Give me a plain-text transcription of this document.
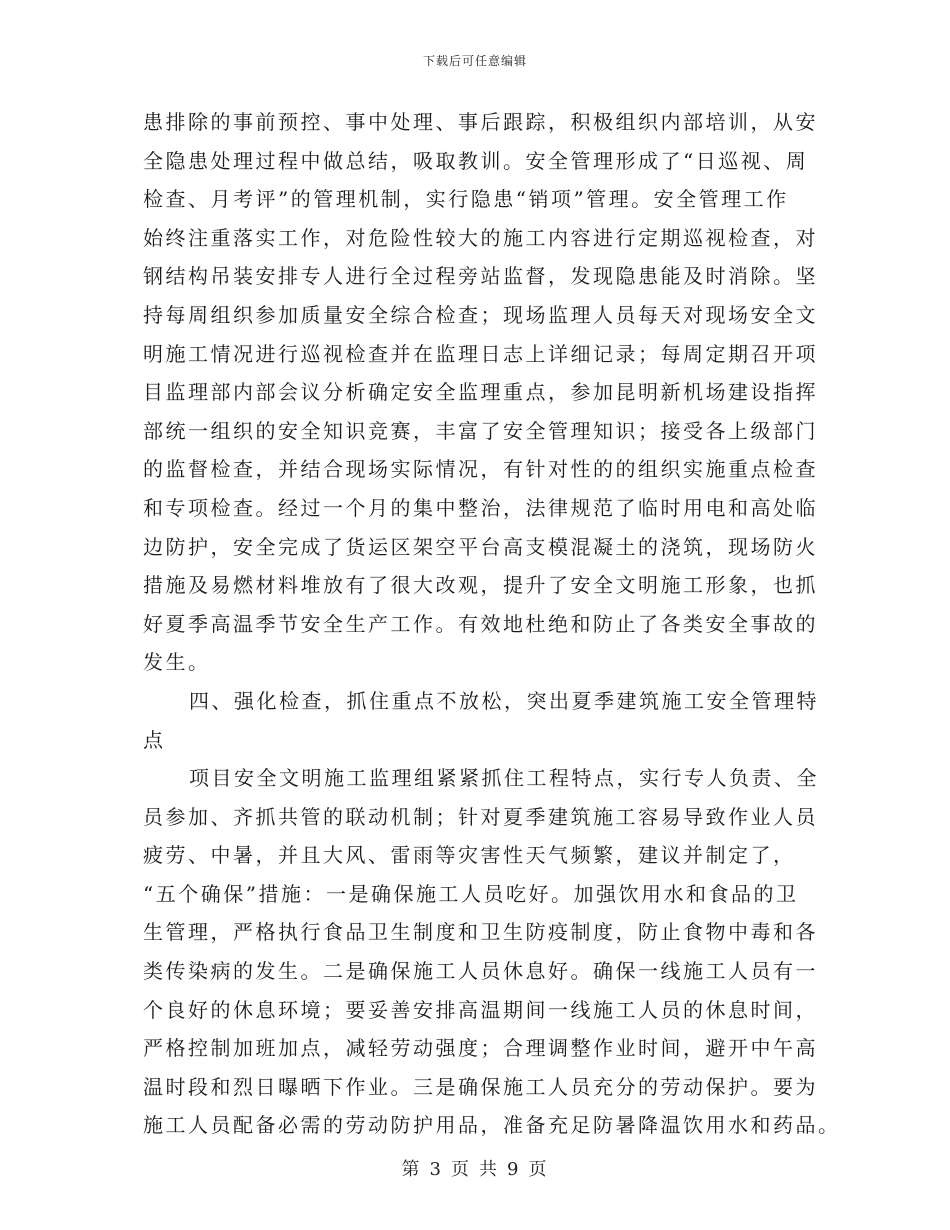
下载后可任意编辑
患排除的事前预控、事中处理、事后跟踪，积极组织内部培训，从安
全隐患处理过程中做总结，吸取教训。安全管理形成了“日巡视、周
检查、月考评”的管理机制，实行隐患“销项”管理。安全管理工作
始终注重落实工作，对危险性较大的施工内容进行定期巡视检查，对
钢结构吊装安排专人进行全过程旁站监督，发现隐患能及时消除。坚
持每周组织参加质量安全综合检查；现场监理人员每天对现场安全文
明施工情况进行巡视检查并在监理日志上详细记录；每周定期召开项
目监理部内部会议分析确定安全监理重点，参加昆明新机场建设指挥
部统一组织的安全知识竞赛，丰富了安全管理知识；接受各上级部门
的监督检查，并结合现场实际情况，有针对性的的组织实施重点检查
和专项检查。经过一个月的集中整治，法律规范了临时用电和高处临
边防护，安全完成了货运区架空平台高支模混凝土的浇筑，现场防火
措施及易燃材料堆放有了很大改观，提升了安全文明施工形象，也抓
好夏季高温季节安全生产工作。有效地杜绝和防止了各类安全事故的
发生。
四、强化检查，抓住重点不放松，突出夏季建筑施工安全管理特
点
项目安全文明施工监理组紧紧抓住工程特点，实行专人负责、全
员参加、齐抓共管的联动机制；针对夏季建筑施工容易导致作业人员
疲劳、中暑，并且大风、雷雨等灾害性天气频繁，建议并制定了，
“五个确保”措施：一是确保施工人员吃好。加强饮用水和食品的卫
生管理，严格执行食品卫生制度和卫生防疫制度，防止食物中毒和各
类传染病的发生。二是确保施工人员休息好。确保一线施工人员有一
个良好的休息环境；要妥善安排高温期间一线施工人员的休息时间，
严格控制加班加点，减轻劳动强度；合理调整作业时间，避开中午高
温时段和烈日曝晒下作业。三是确保施工人员充分的劳动保护。要为
施工人员配备必需的劳动防护用品，准备充足防暑降温饮用水和药品。
第 3 页 共 9 页
